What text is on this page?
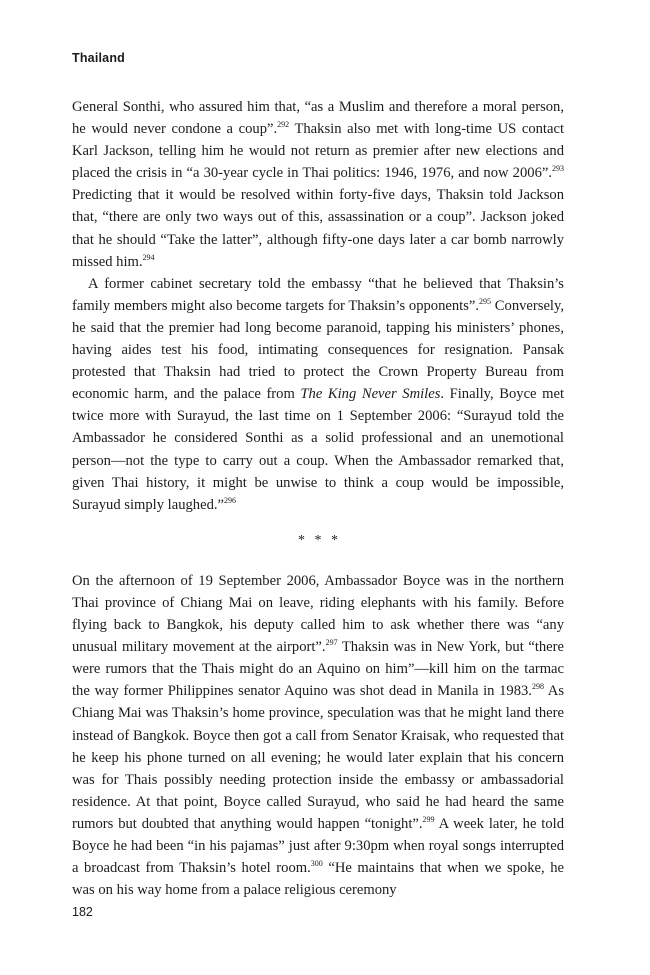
Thailand

General Sonthi, who assured him that, “as a Muslim and therefore a moral person, he would never condone a coup”.$^{292}$ Thaksin also met with long-time US contact Karl Jackson, telling him he would not return as premier after new elections and placed the crisis in “a 30-year cycle in Thai politics: 1946, 1976, and now 2006”.$^{293}$ Predicting that it would be resolved within forty-five days, Thaksin told Jackson that, “there are only two ways out of this, assassination or a coup”. Jackson joked that he should “Take the latter”, although fifty-one days later a car bomb narrowly missed him.$^{294}$

A former cabinet secretary told the embassy “that he believed that Thaksin’s family members might also become targets for Thaksin’s opponents”.$^{295}$ Conversely, he said that the premier had long become paranoid, tapping his ministers’ phones, having aides test his food, intimating consequences for resignation. Pansak protested that Thaksin had tried to protect the Crown Property Bureau from economic harm, and the palace from The King Never Smiles. Finally, Boyce met twice more with Surayud, the last time on 1 September 2006: “Surayud told the Ambassador he considered Sonthi as a solid professional and an unemotional person—not the type to carry out a coup. When the Ambassador remarked that, given Thai history, it might be unwise to think a coup would be impossible, Surayud simply laughed.”$^{296}$

* * *

On the afternoon of 19 September 2006, Ambassador Boyce was in the northern Thai province of Chiang Mai on leave, riding elephants with his family. Before flying back to Bangkok, his deputy called him to ask whether there was “any unusual military movement at the airport”.$^{297}$ Thaksin was in New York, but “there were rumors that the Thais might do an Aquino on him”—kill him on the tarmac the way former Philippines senator Aquino was shot dead in Manila in 1983.$^{298}$ As Chiang Mai was Thaksin’s home province, speculation was that he might land there instead of Bangkok. Boyce then got a call from Senator Kraisak, who requested that he keep his phone turned on all evening; he would later explain that his concern was for Thais possibly needing protection inside the embassy or ambassadorial residence. At that point, Boyce called Surayud, who said he had heard the same rumors but doubted that anything would happen “tonight”.$^{299}$ A week later, he told Boyce he had been “in his pajamas” just after 9:30pm when royal songs interrupted a broadcast from Thaksin’s hotel room.$^{300}$ “He maintains that when we spoke, he was on his way home from a palace religious ceremony

182
